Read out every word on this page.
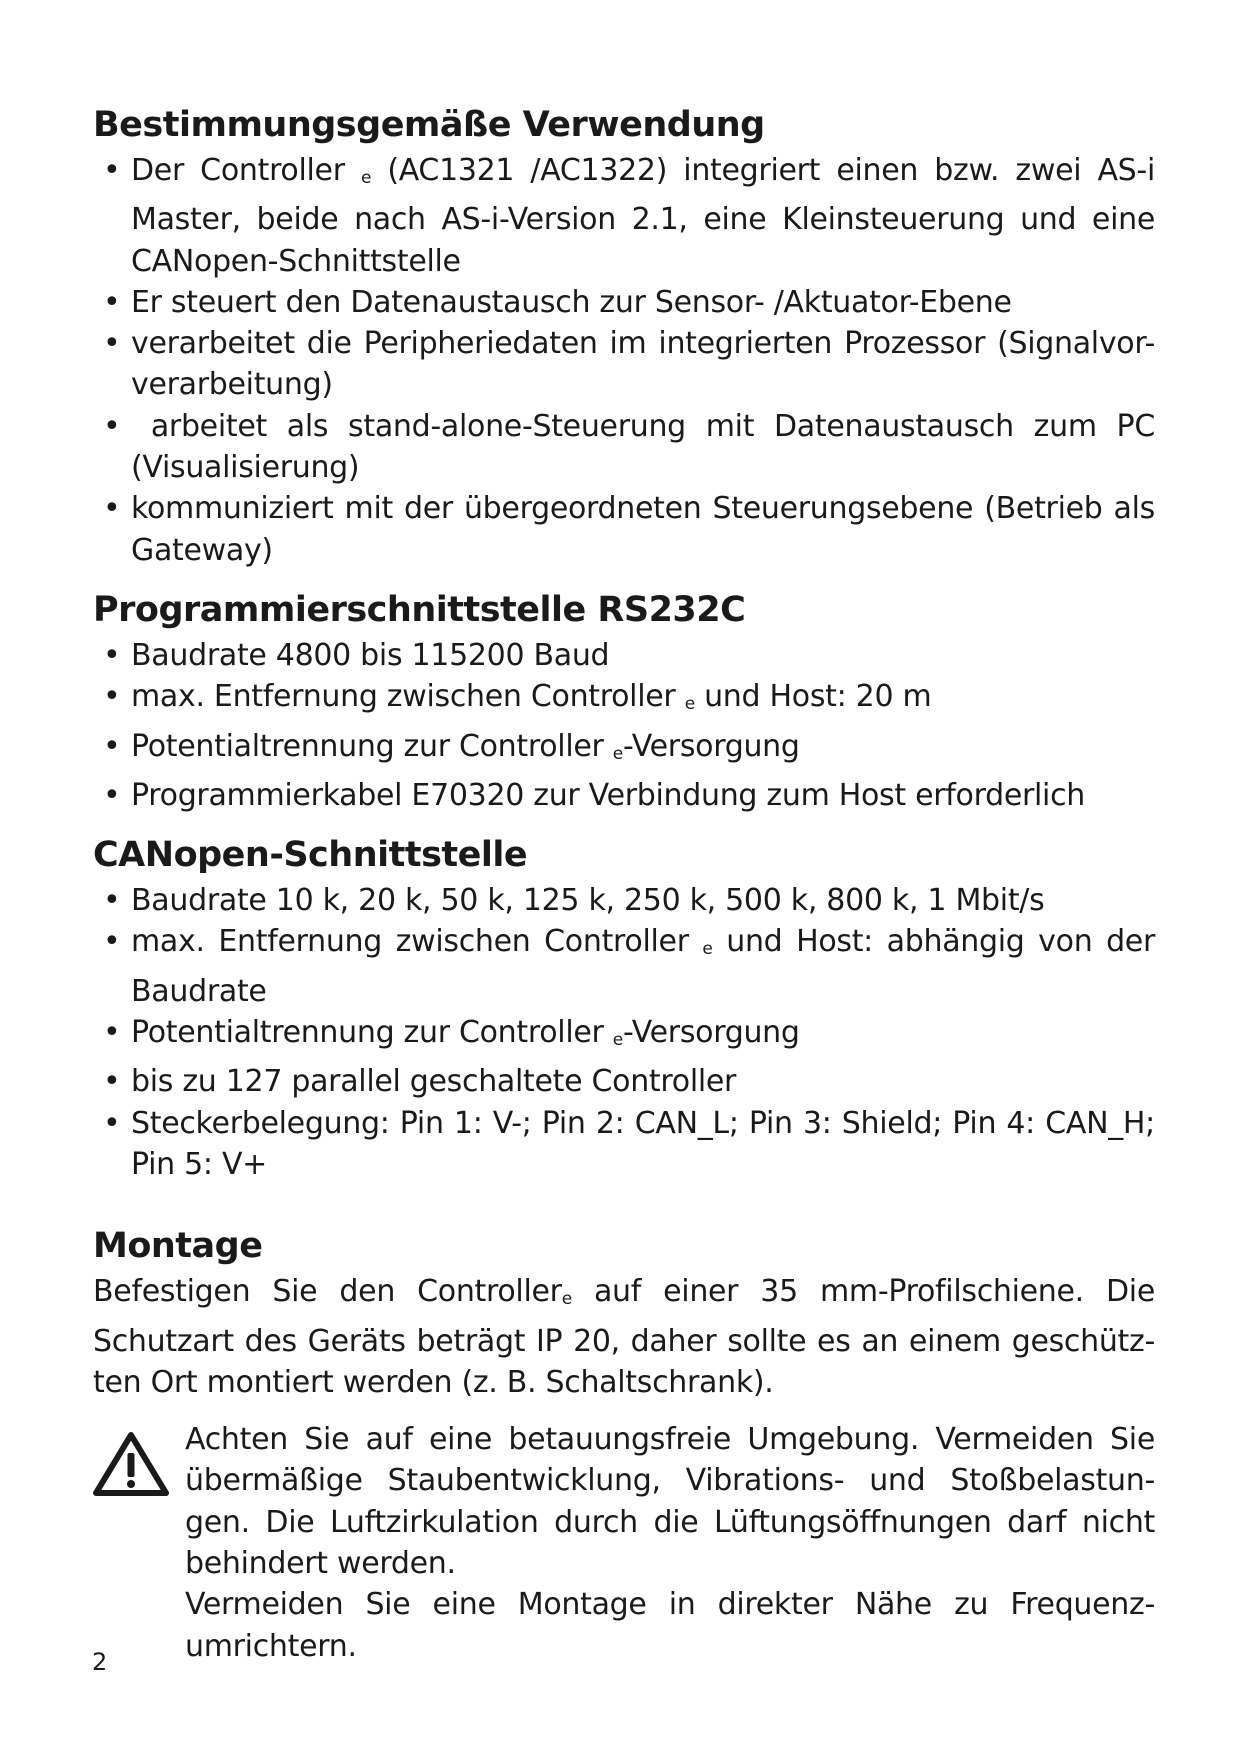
Bestimmungsgemäße Verwendung
• Der Controller e (AC1321 /AC1322) integriert einen bzw. zwei AS-i Master, beide nach AS-i-Version 2.1, eine Kleinsteuerung und eine CANopen-Schnittstelle
• Er steuert den Datenaustausch zur Sensor- /Aktuator-Ebene
• verarbeitet die Peripheriedaten im integrierten Prozessor (Signalvor- verarbeitung)
• arbeitet als stand-alone-Steuerung mit Datenaustausch zum PC (Visualisierung)
• kommuniziert mit der übergeordneten Steuerungsebene (Betrieb als Gateway)
Programmierschnittstelle RS232C
• Baudrate 4800 bis 115200 Baud
• max. Entfernung zwischen Controller e und Host: 20 m
• Potentialtrennung zur Controller e-Versorgung
• Programmierkabel E70320 zur Verbindung zum Host erforderlich
CANopen-Schnittstelle
• Baudrate 10 k, 20 k, 50 k, 125 k, 250 k, 500 k, 800 k, 1 Mbit/s
• max. Entfernung zwischen Controller e und Host: abhängig von der Baudrate
• Potentialtrennung zur Controller e-Versorgung
• bis zu 127 parallel geschaltete Controller
• Steckerbelegung: Pin 1: V-; Pin 2: CAN_L; Pin 3: Shield; Pin 4: CAN_H; Pin 5: V+
Montage

Befestigen Sie den Controllere auf einer 35 mm-Profilschiene. Die Schutzart des Geräts beträgt IP 20, daher sollte es an einem geschütz- ten Ort montiert werden (z. B. Schaltschrank).

Achten Sie auf eine betauungsfreie Umgebung. Vermeiden Sie übermäßige Staubentwicklung, Vibrations- und Stoßbelastun- gen. Die Luftzirkulation durch die Lüftungsöffnungen darf nicht behindert werden.

Vermeiden Sie eine Montage in direkter Nähe zu Frequenz- umrichtern.

2
